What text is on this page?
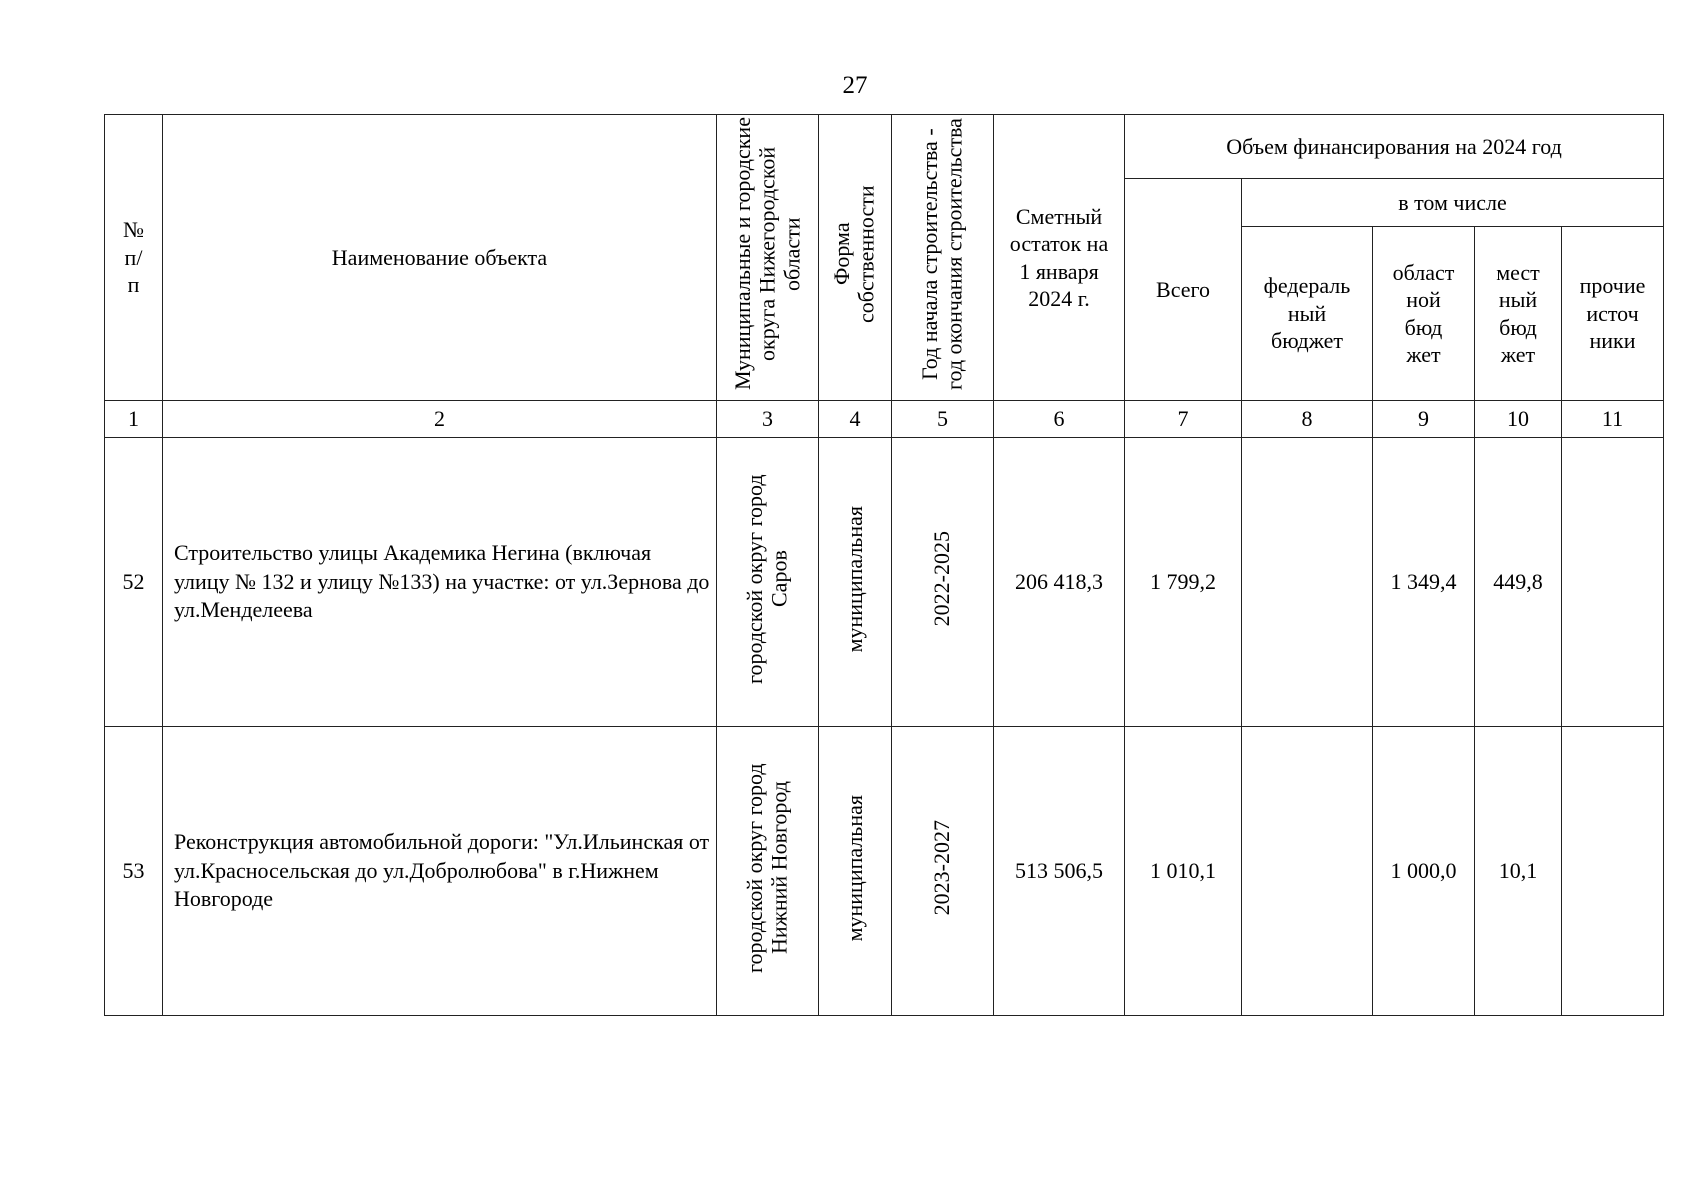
27
№ п/п	Наименование объекта	Муниципальные и городские округа Нижегородской области	Форма собственности	Год начала строительства - год окончания строительства	Сметный остаток на 1 января 2024 г.	Объем финансирования на 2024 год				
						Всего	в том числе			
							федераль ный бюджет	област ной бюд жет	мест ный бюд жет	прочие источ ники
1	2	3	4	5	6	7	8	9	10	11
52	Строительство улицы Академика Негина (включая улицу № 132 и улицу №133) на участке: от ул.Зернова до ул.Менделеева	городской округ город Саров	муниципальная	2022-2025	206 418,3	1 799,2		1 349,4	449,8	
53	Реконструкция автомобильной дороги: "Ул.Ильинская от ул.Красносельская до ул.Добролюбова" в г.Нижнем Новгороде	городской округ город Нижний Новгород	муниципальная	2023-2027	513 506,5	1 010,1		1 000,0	10,1	
